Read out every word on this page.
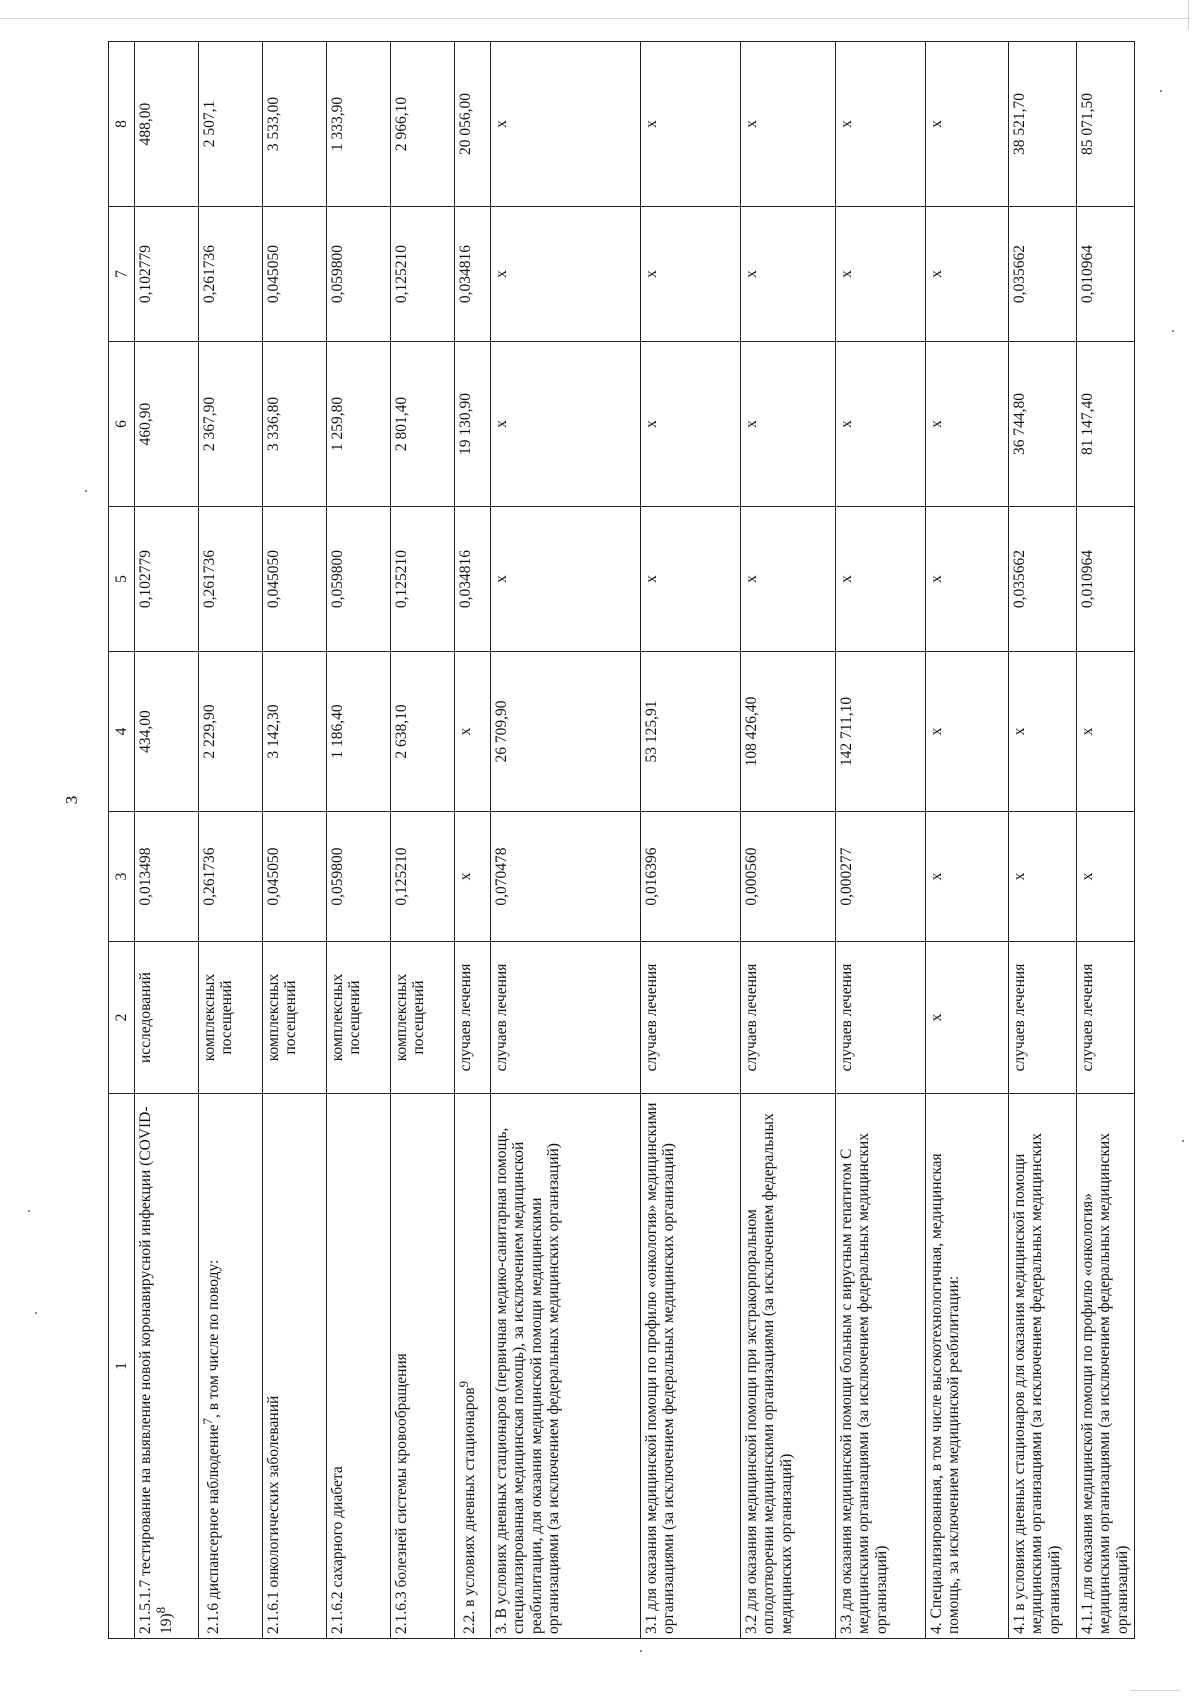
3
1	2	3	4	5	6	7	8
2.1.5.1.7 тестирование на выявление новой коронавирусной инфекции (COVID-19)$^8$	исследований	0,013498	434,00	0,102779	460,90	0,102779	488,00
2.1.6 диспансерное наблюдение$^7$, в том числе по поводу:	комплексных посещений	0,261736	2 229,90	0,261736	2 367,90	0,261736	2 507,1
2.1.6.1 онкологических заболеваний	комплексных посещений	0,045050	3 142,30	0,045050	3 336,80	0,045050	3 533,00
2.1.6.2 сахарного диабета	комплексных посещений	0,059800	1 186,40	0,059800	1 259,80	0,059800	1 333,90
2.1.6.3 болезней системы кровообращения	комплексных посещений	0,125210	2 638,10	0,125210	2 801,40	0,125210	2 966,10
2.2. в условиях дневных стационаров$^9$	случаев лечения	х	х	0,034816	19 130,90	0,034816	20 056,00
3. В условиях дневных стационаров (первичная медико-санитарная помощь, специализированная медицинская помощь), за исключением медицинской реабилитации, для оказания медицинской помощи медицинскими организациями (за исключением федеральных медицинских организаций)	случаев лечения	0,070478	26 709,90	х	х	х	х
3.1 для оказания медицинской помощи по профилю «онкология» медицинскими организациями (за исключением федеральных медицинских организаций)	случаев лечения	0,016396	53 125,91	х	х	х	х
3.2 для оказания медицинской помощи при экстракорпоральном оплодотворении медицинскими организациями (за исключением федеральных медицинских организаций)	случаев лечения	0,000560	108 426,40	х	х	х	х
3.3 для оказания медицинской помощи больным с вирусным гепатитом С медицинскими организациями (за исключением федеральных медицинских организаций)	случаев лечения	0,000277	142 711,10	х	х	х	х
4. Специализированная, в том числе высокотехнологичная, медицинская помощь, за исключением медицинской реабилитации:	х	х	х	х	х	х	х
4.1 в условиях дневных стационаров для оказания медицинской помощи медицинскими организациями (за исключением федеральных медицинских организаций)	случаев лечения	х	х	0,035662	36 744,80	0,035662	38 521,70
4.1.1 для оказания медицинской помощи по профилю «онкология» медицинскими организациями (за исключением федеральных медицинских организаций)	случаев лечения	х	х	0,010964	81 147,40	0,010964	85 071,50
